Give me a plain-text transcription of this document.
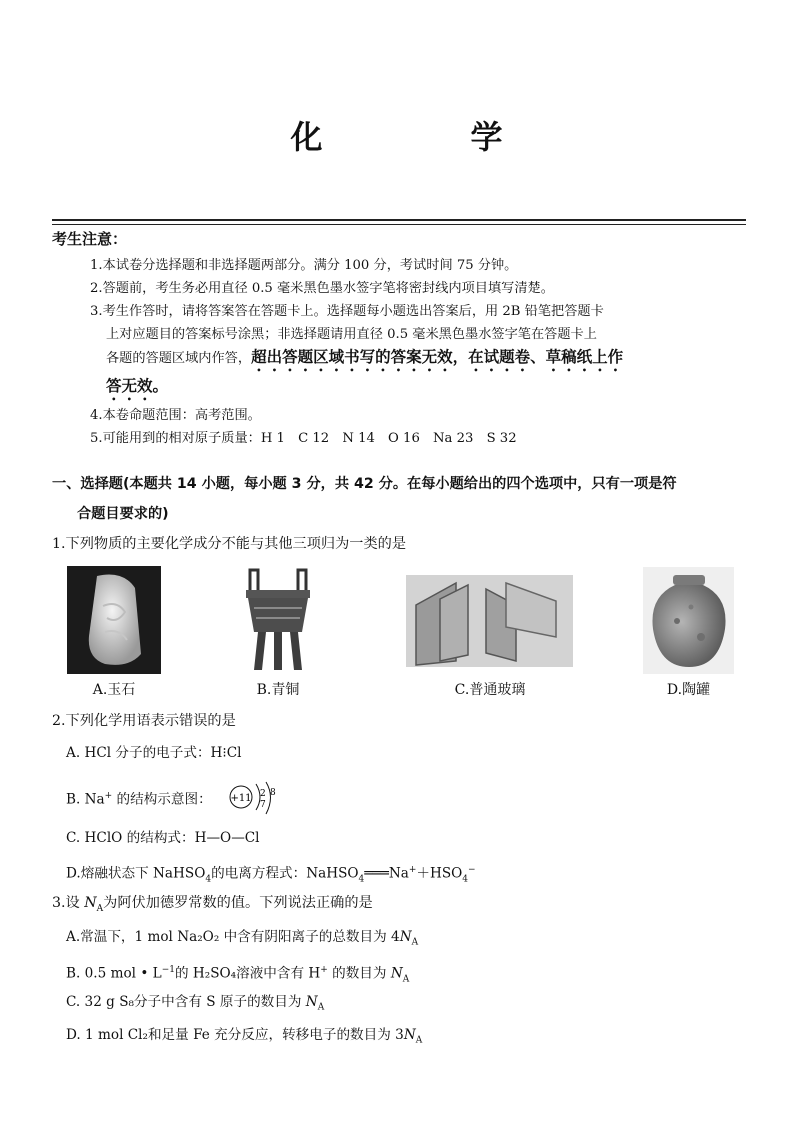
化　学
考生注意：
1.本试卷分选择题和非选择题两部分。满分 100 分，考试时间 75 分钟。
2.答题前，考生务必用直径 0.5 毫米黑色墨水签字笔将密封线内项目填写清楚。
3.考生作答时，请将答案答在答题卡上。选择题每小题选出答案后，用 2B 铅笔把答题卡
上对应题目的答案标号涂黑；非选择题请用直径 0.5 毫米黑色墨水签字笔在答题卡上
各题的答题区域内作答，超出答题区域书写的答案无效，在试题卷、草稿纸上作
答无效。
4.本卷命题范围：高考范围。
5.可能用到的相对原子质量：H 1　C 12　N 14　O 16　Na 23　S 32
一、选择题(本题共 14 小题，每小题 3 分，共 42 分。在每小题给出的四个选项中，只有一项是符
合题目要求的)
1.下列物质的主要化学成分不能与其他三项归为一类的是
A.玉石	B.青铜	C.普通玻璃	D.陶罐
2.下列化学用语表示错误的是
A. HCl 分子的电子式：H⁝Cl
B. Na+ 的结构示意图： +11 2
7
8
C. HClO 的结构式：H—O—Cl
D.熔融状态下 NaHSO$_4$的电离方程式：$NaHSO_4═══Na^++HSO_4^-$
3.设 $N_A$为阿伏加德罗常数的值。下列说法正确的是
A.常温下，1 mol Na₂O₂ 中含有阴阳离子的总数目为 $4N_A$
B. 0.5 mol • $L^{-1}$的 H₂SO₄溶液中含有 H+ 的数目为 $N_A$
C. 32 g S₈分子中含有 S 原子的数目为 $N_A$
D. 1 mol Cl₂和足量 Fe 充分反应，转移电子的数目为 $3N_A$
